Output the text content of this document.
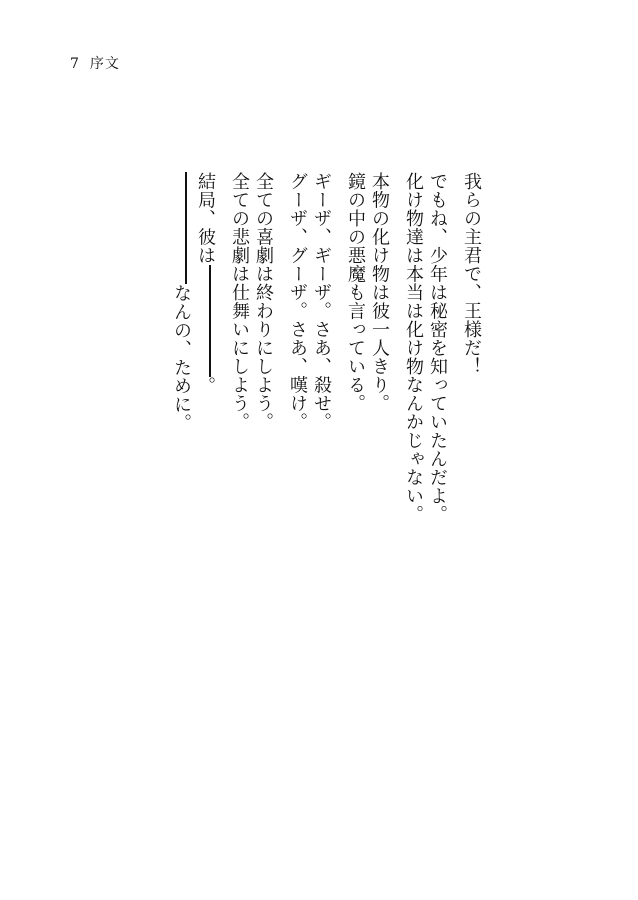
7 序文
我らの主君で、王様だ！
でもね、少年は秘密を知っていたんだよ。
化け物達は本当は化け物なんかじゃない。
本物の化け物は彼一人きり。
鏡の中の悪魔も言っている。
ギーザ、ギーザ。さあ、殺せ。
グーザ、グーザ。さあ、嘆け。
全ての喜劇は終わりにしよう。
全ての悲劇は仕舞いにしよう。
結局、彼は。
なんの、ために。
